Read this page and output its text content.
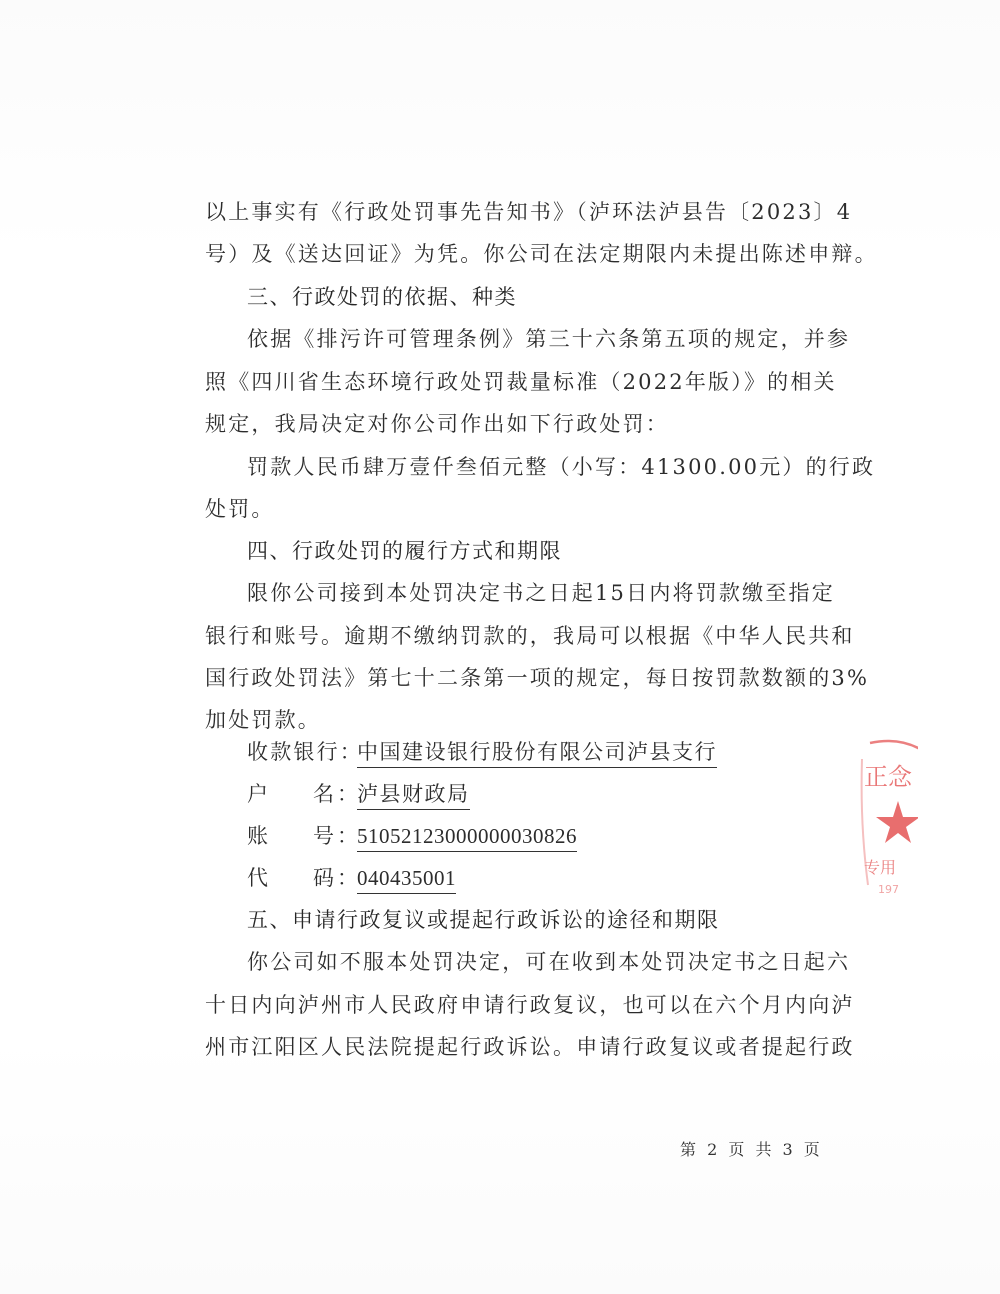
以上事实有《行政处罚事先告知书》（泸环法泸县告〔2023〕4
号）及《送达回证》为凭。你公司在法定期限内未提出陈述申辩。
三、行政处罚的依据、种类
依据《排污许可管理条例》第三十六条第五项的规定，并参
照《四川省生态环境行政处罚裁量标准（2022年版）》的相关
规定，我局决定对你公司作出如下行政处罚：
罚款人民币肆万壹仟叁佰元整（小写：41300.00元）的行政
处罚。
四、行政处罚的履行方式和期限
限你公司接到本处罚决定书之日起15日内将罚款缴至指定
银行和账号。逾期不缴纳罚款的，我局可以根据《中华人民共和
国行政处罚法》第七十二条第一项的规定，每日按罚款数额的3%
加处罚款。
收款银行：
中国建设银行股份有限公司泸县支行
户 名 ： 泸县财政局
账 号 ： 51052123000000030826
代 码 ： 040435001
五、申请行政复议或提起行政诉讼的途径和期限
你公司如不服本处罚决定，可在收到本处罚决定书之日起六
十日内向泸州市人民政府申请行政复议，也可以在六个月内向泸
州市江阳区人民法院提起行政诉讼。申请行政复议或者提起行政
正念
专用
197
第 2 页 共 3 页
